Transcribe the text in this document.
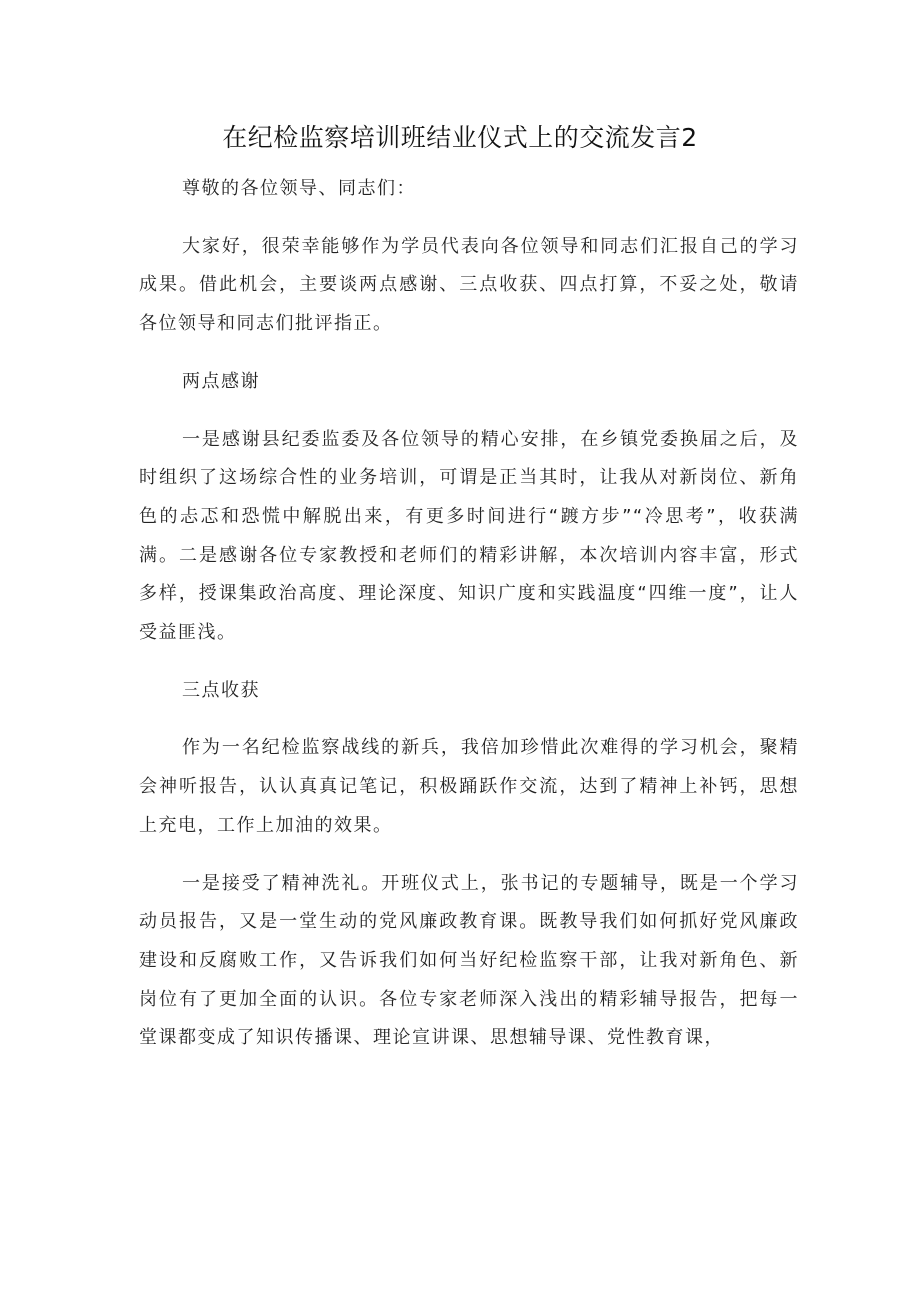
在纪检监察培训班结业仪式上的交流发言2

尊敬的各位领导、同志们：

大家好，很荣幸能够作为学员代表向各位领导和同志们汇报自己的学习成果。借此机会，主要谈两点感谢、三点收获、四点打算，不妥之处，敬请各位领导和同志们批评指正。

两点感谢

一是感谢县纪委监委及各位领导的精心安排，在乡镇党委换届之后，及时组织了这场综合性的业务培训，可谓是正当其时，让我从对新岗位、新角色的忐忑和恐慌中解脱出来，有更多时间进行“踱方步”“冷思考”，收获满满。二是感谢各位专家教授和老师们的精彩讲解，本次培训内容丰富，形式多样，授课集政治高度、理论深度、知识广度和实践温度“四维一度”，让人受益匪浅。

三点收获

作为一名纪检监察战线的新兵，我倍加珍惜此次难得的学习机会，聚精会神听报告，认认真真记笔记，积极踊跃作交流，达到了精神上补钙，思想上充电，工作上加油的效果。

一是接受了精神洗礼。开班仪式上，张书记的专题辅导，既是一个学习动员报告，又是一堂生动的党风廉政教育课。既教导我们如何抓好党风廉政建设和反腐败工作，又告诉我们如何当好纪检监察干部，让我对新角色、新岗位有了更加全面的认识。各位专家老师深入浅出的精彩辅导报告，把每一堂课都变成了知识传播课、理论宣讲课、思想辅导课、党性教育课，
